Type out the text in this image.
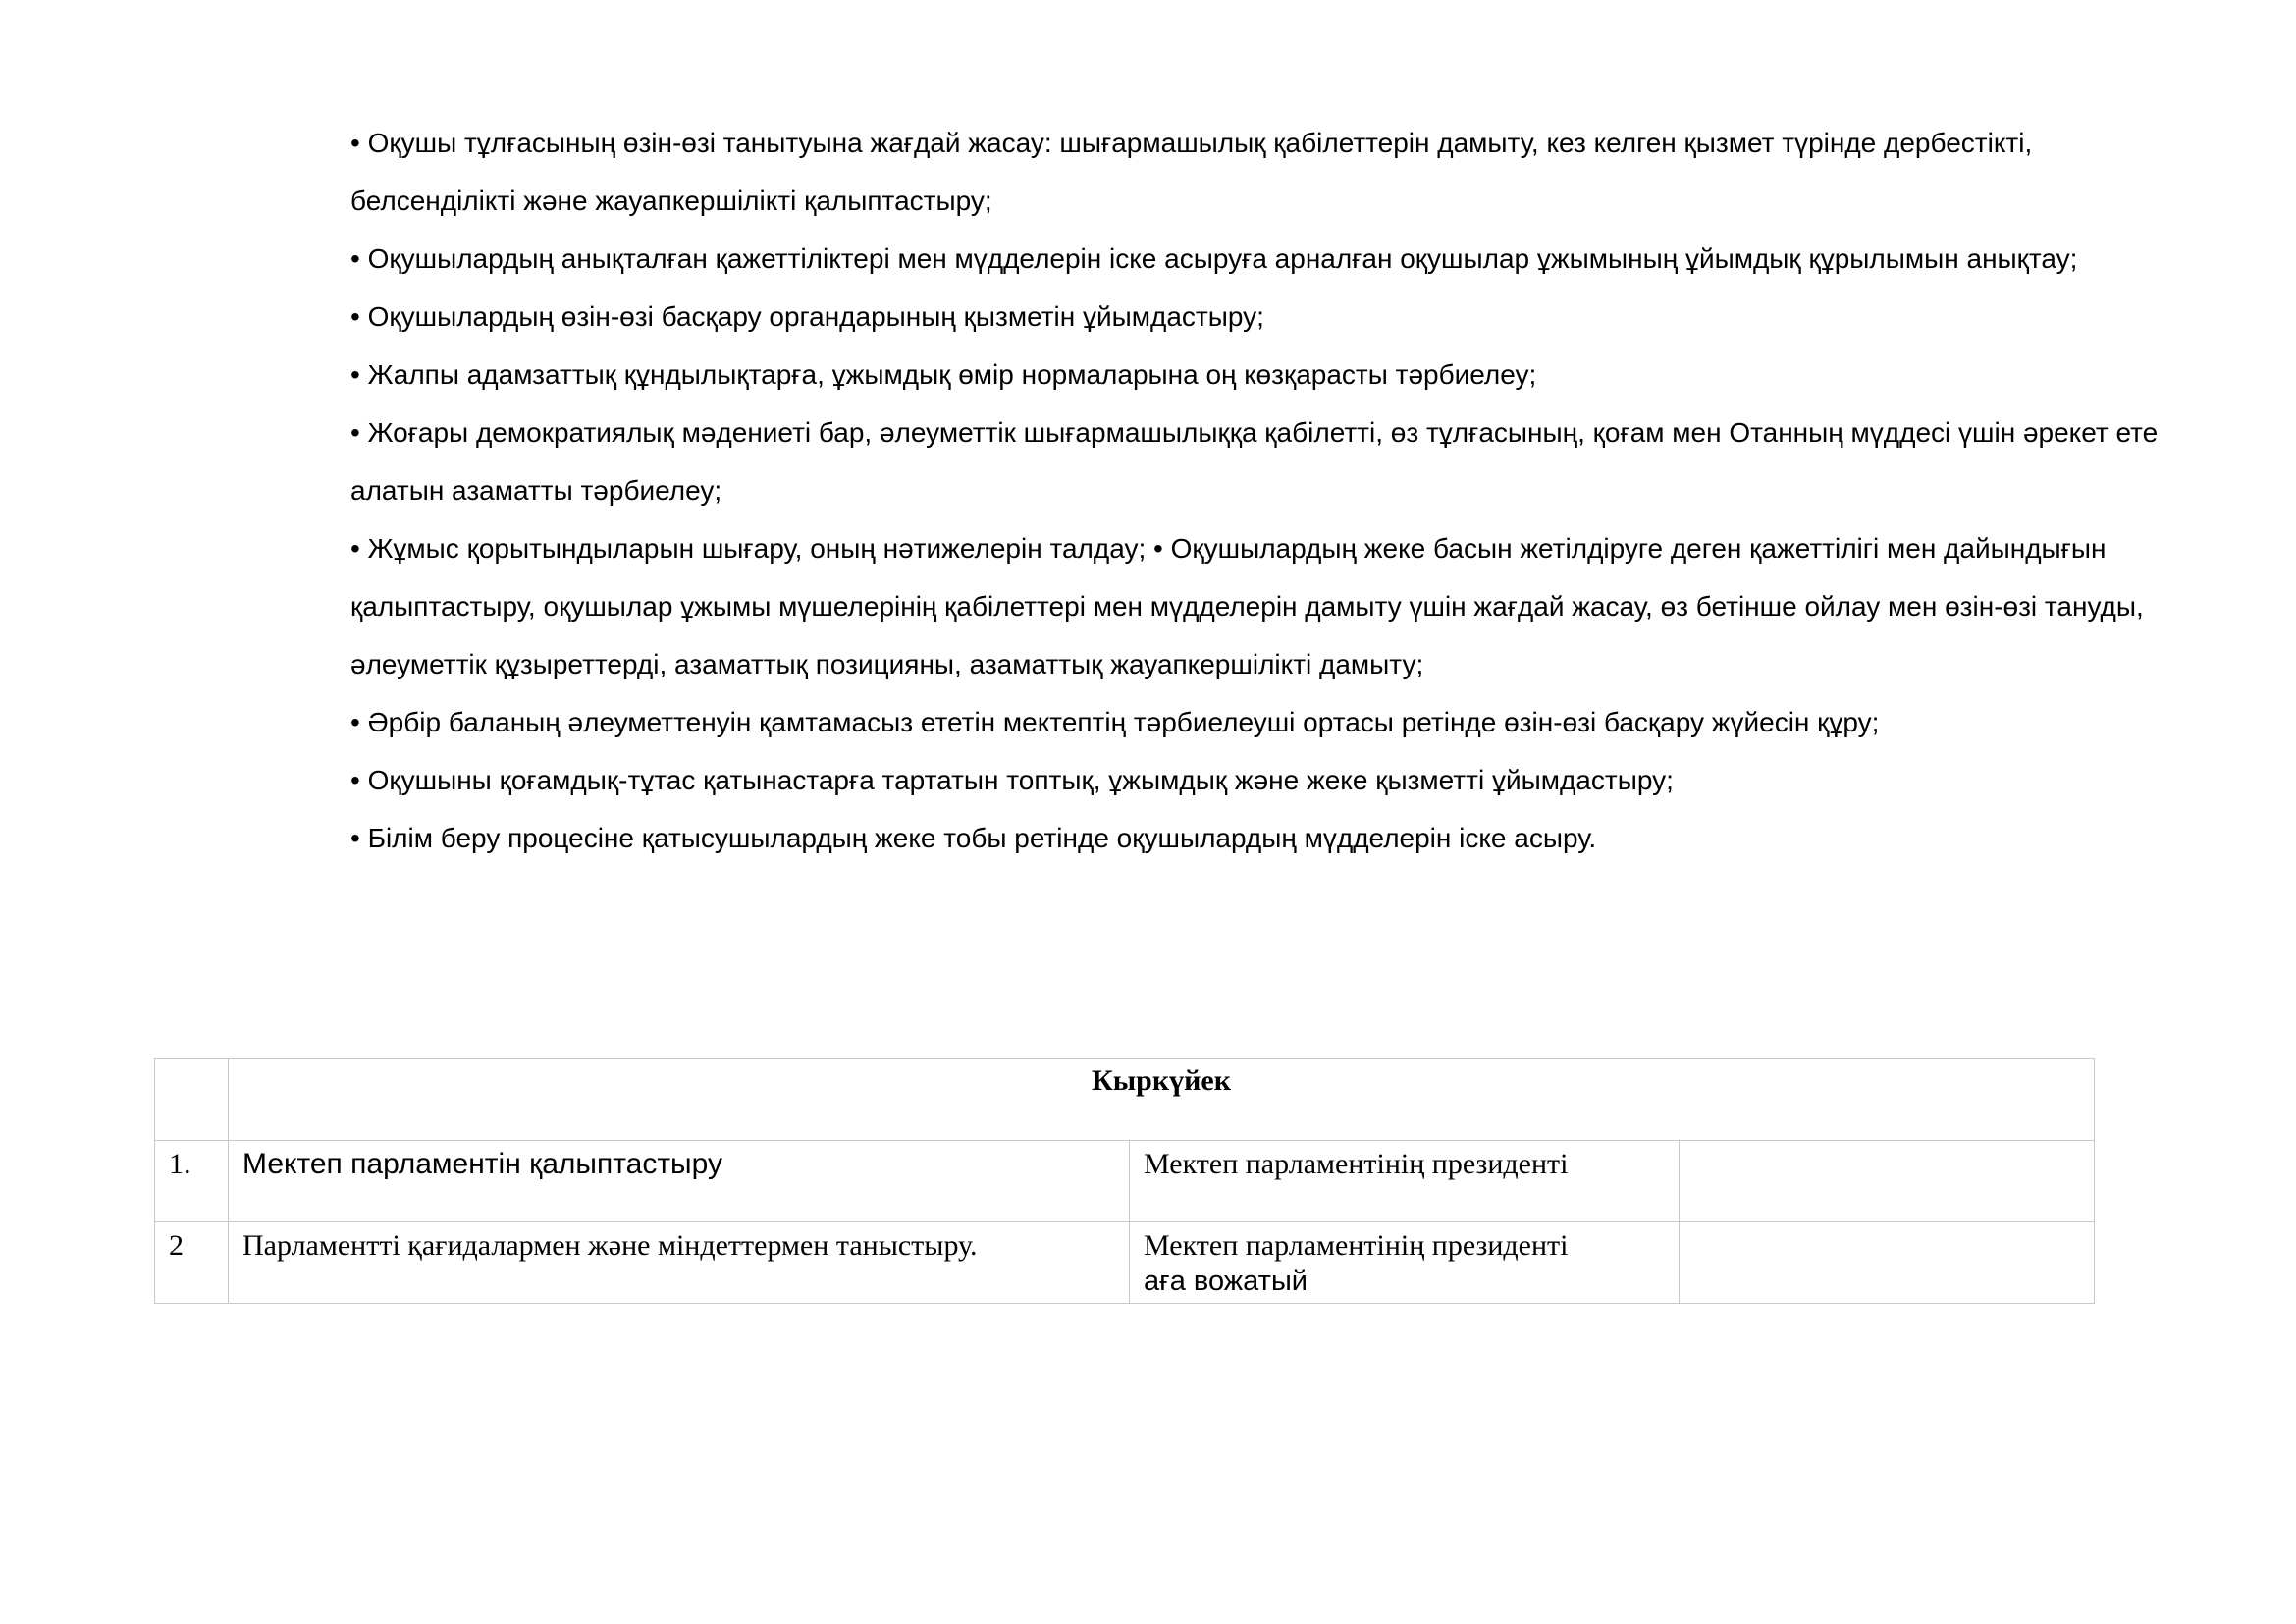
• Оқушы тұлғасының өзін-өзі танытуына жағдай жасау: шығармашылық қабілеттерін дамыту, кез келген қызмет түрінде дербестікті, белсенділікті және жауапкершілікті қалыптастыру;

• Оқушылардың анықталған қажеттіліктері мен мүдделерін іске асыруға арналған оқушылар ұжымының ұйымдық құрылымын анықтау;

• Оқушылардың өзін-өзі басқару органдарының қызметін ұйымдастыру;

• Жалпы адамзаттық құндылықтарға, ұжымдық өмір нормаларына оң көзқарасты тәрбиелеу;

• Жоғары демократиялық мәдениеті бар, әлеуметтік шығармашылыққа қабілетті, өз тұлғасының, қоғам мен Отанның мүддесі үшін әрекет ете алатын азаматты тәрбиелеу;

• Жұмыс қорытындыларын шығару, оның нәтижелерін талдау; • Оқушылардың жеке басын жетілдіруге деген қажеттілігі мен дайындығын қалыптастыру, оқушылар ұжымы мүшелерінің қабілеттері мен мүдделерін дамыту үшін жағдай жасау, өз бетінше ойлау мен өзін-өзі тануды, әлеуметтік құзыреттерді, азаматтық позицияны, азаматтық жауапкершілікті дамыту;

• Әрбір баланың әлеуметтенуін қамтамасыз ететін мектептің тәрбиелеуші ортасы ретінде өзін-өзі басқару жүйесін құру;

• Оқушыны қоғамдық-тұтас қатынастарға тартатын топтық, ұжымдық және жеке қызметті ұйымдастыру;

• Білім беру процесіне қатысушылардың жеке тобы ретінде оқушылардың мүдделерін іске асыру.

	Кыркүйек		
1.	Мектеп парламентін қалыптастыру	Мектеп парламентінің президенті	

2	Парламентті қағидалармен және міндеттермен таныстыру.	Мектеп парламентінің президенті
аға вожатый	
